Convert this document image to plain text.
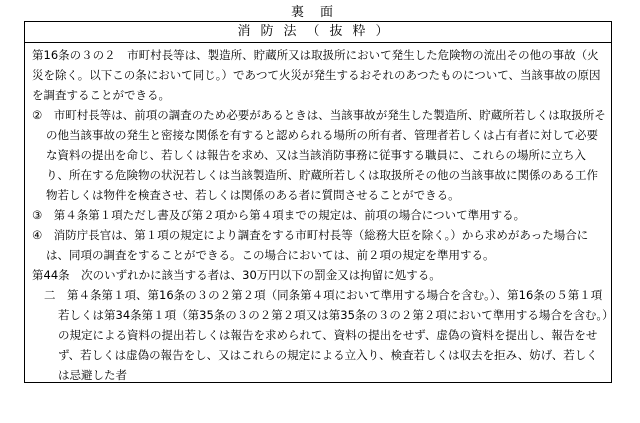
裏面
消防法（抜粋）

第16条の３の２　市町村長等は、製造所、貯蔵所又は取扱所において発生した危険物の流出その他の事故（火災を除く。以下この条において同じ。）であつて火災が発生するおそれのあつたものについて、当該事故の原因を調査することができる。

②　市町村長等は、前項の調査のため必要があるときは、当該事故が発生した製造所、貯蔵所若しくは取扱所その他当該事故の発生と密接な関係を有すると認められる場所の所有者、管理者若しくは占有者に対して必要な資料の提出を命じ、若しくは報告を求め、又は当該消防事務に従事する職員に、これらの場所に立ち入り、所在する危険物の状況若しくは当該製造所、貯蔵所若しくは取扱所その他の当該事故に関係のある工作物若しくは物件を検査させ、若しくは関係のある者に質問させることができる。

③　第４条第１項ただし書及び第２項から第４項までの規定は、前項の場合について準用する。

④　消防庁長官は、第１項の規定により調査をする市町村長等（総務大臣を除く。）から求めがあった場合には、同項の調査をすることができる。この場合においては、前２項の規定を準用する。

第44条　次のいずれかに該当する者は、30万円以下の罰金又は拘留に処する。

二　第４条第１項、第16条の３の２第２項（同条第４項において準用する場合を含む。）、第16条の５第１項若しくは第34条第１項（第35条の３の２第２項又は第35条の３の２第２項において準用する場合を含む。）の規定による資料の提出若しくは報告を求められて、資料の提出をせず、虚偽の資料を提出し、報告をせず、若しくは虚偽の報告をし、又はこれらの規定による立入り、検査若しくは収去を拒み、妨げ、若しくは忌避した者
